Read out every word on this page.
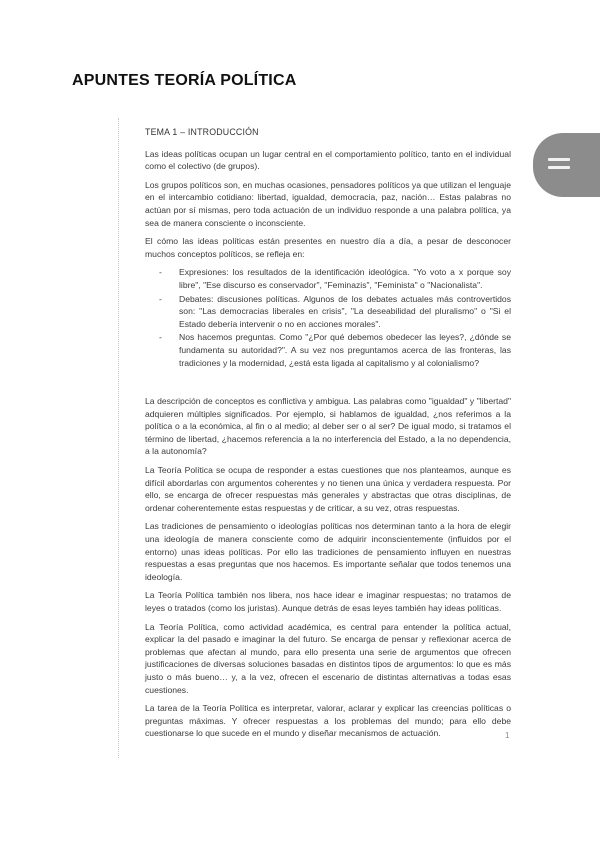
APUNTES TEORÍA POLÍTICA
TEMA 1 – INTRODUCCIÓN

Las ideas políticas ocupan un lugar central en el comportamiento político, tanto en el individual como el colectivo (de grupos).

Los grupos políticos son, en muchas ocasiones, pensadores políticos ya que utilizan el lenguaje en el intercambio cotidiano: libertad, igualdad, democracia, paz, nación… Estas palabras no actúan por sí mismas, pero toda actuación de un individuo responde a una palabra política, ya sea de manera consciente o inconsciente.

El cómo las ideas políticas están presentes en nuestro día a día, a pesar de desconocer muchos conceptos políticos, se refleja en:

- Expresiones: los resultados de la identificación ideológica. "Yo voto a x porque soy libre", "Ese discurso es conservador", "Feminazis", "Feminista" o "Nacionalista".
- Debates: discusiones políticas. Algunos de los debates actuales más controvertidos son: "Las democracias liberales en crisis", "La deseabilidad del pluralismo" o "Si el Estado debería intervenir o no en acciones morales".
- Nos hacemos preguntas. Como "¿Por qué debemos obedecer las leyes?, ¿dónde se fundamenta su autoridad?". A su vez nos preguntamos acerca de las fronteras, las tradiciones y la modernidad, ¿está esta ligada al capitalismo y al colonialismo?

La descripción de conceptos es conflictiva y ambigua. Las palabras como "igualdad" y "libertad" adquieren múltiples significados. Por ejemplo, si hablamos de igualdad, ¿nos referimos a la política o a la económica, al fin o al medio; al deber ser o al ser? De igual modo, si tratamos el término de libertad, ¿hacemos referencia a la no interferencia del Estado, a la no dependencia, a la autonomía?

La Teoría Política se ocupa de responder a estas cuestiones que nos planteamos, aunque es difícil abordarlas con argumentos coherentes y no tienen una única y verdadera respuesta. Por ello, se encarga de ofrecer respuestas más generales y abstractas que otras disciplinas, de ordenar coherentemente estas respuestas y de criticar, a su vez, otras respuestas.

Las tradiciones de pensamiento o ideologías políticas nos determinan tanto a la hora de elegir una ideología de manera consciente como de adquirir inconscientemente (influidos por el entorno) unas ideas políticas. Por ello las tradiciones de pensamiento influyen en nuestras respuestas a esas preguntas que nos hacemos. Es importante señalar que todos tenemos una ideología.

La Teoría Política también nos libera, nos hace idear e imaginar respuestas; no tratamos de leyes o tratados (como los juristas). Aunque detrás de esas leyes también hay ideas políticas.

La Teoría Política, como actividad académica, es central para entender la política actual, explicar la del pasado e imaginar la del futuro. Se encarga de pensar y reflexionar acerca de problemas que afectan al mundo, para ello presenta una serie de argumentos que ofrecen justificaciones de diversas soluciones basadas en distintos tipos de argumentos: lo que es más justo o más bueno… y, a la vez, ofrecen el escenario de distintas alternativas a todas esas cuestiones.

La tarea de la Teoría Política es interpretar, valorar, aclarar y explicar las creencias políticas o preguntas máximas. Y ofrecer respuestas a los problemas del mundo; para ello debe cuestionarse lo que sucede en el mundo y diseñar mecanismos de actuación.	1
